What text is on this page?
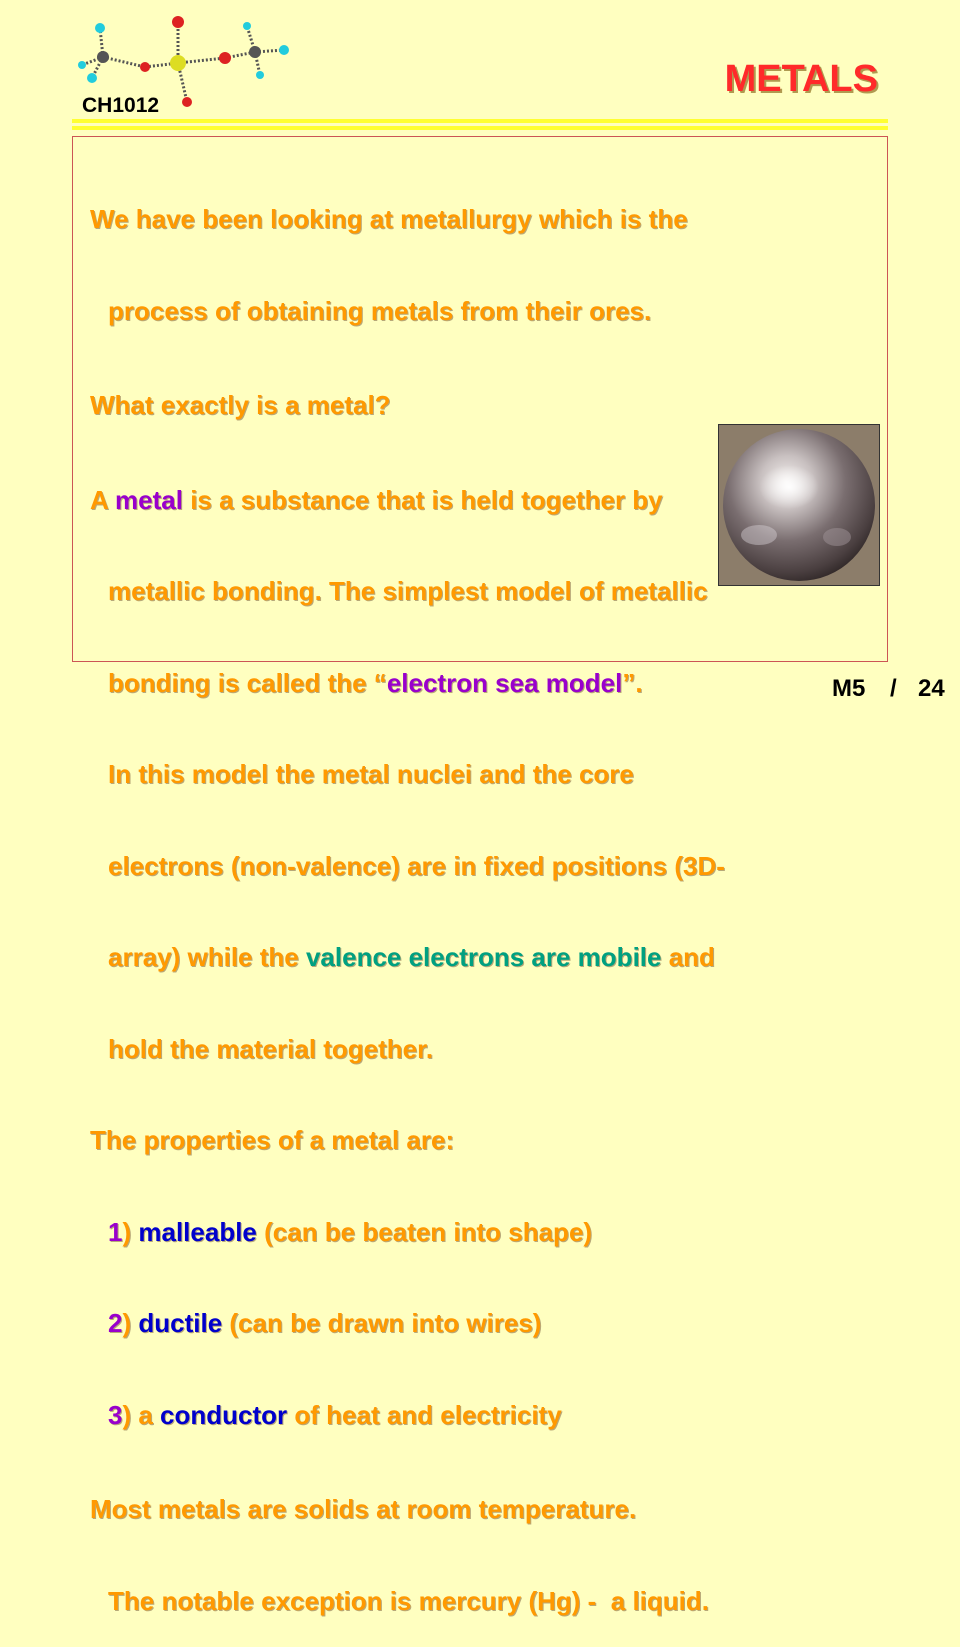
CH1012
METALS

We have been looking at metallurgy which is the

process of obtaining metals from their ores.

What exactly is a metal?

A metal is a substance that is held together by

metallic bonding. The simplest model of metallic

bonding is called the “electron sea model”.

In this model the metal nuclei and the core

electrons (non-valence) are in fixed positions (3D-

array) while the valence electrons are mobile and

hold the material together.

The properties of a metal are:

1) malleable (can be beaten into shape)

2) ductile (can be drawn into wires)

3) a conductor of heat and electricity

Most metals are solids at room temperature.

The notable exception is mercury (Hg) -  a liquid.

M5 / 24
